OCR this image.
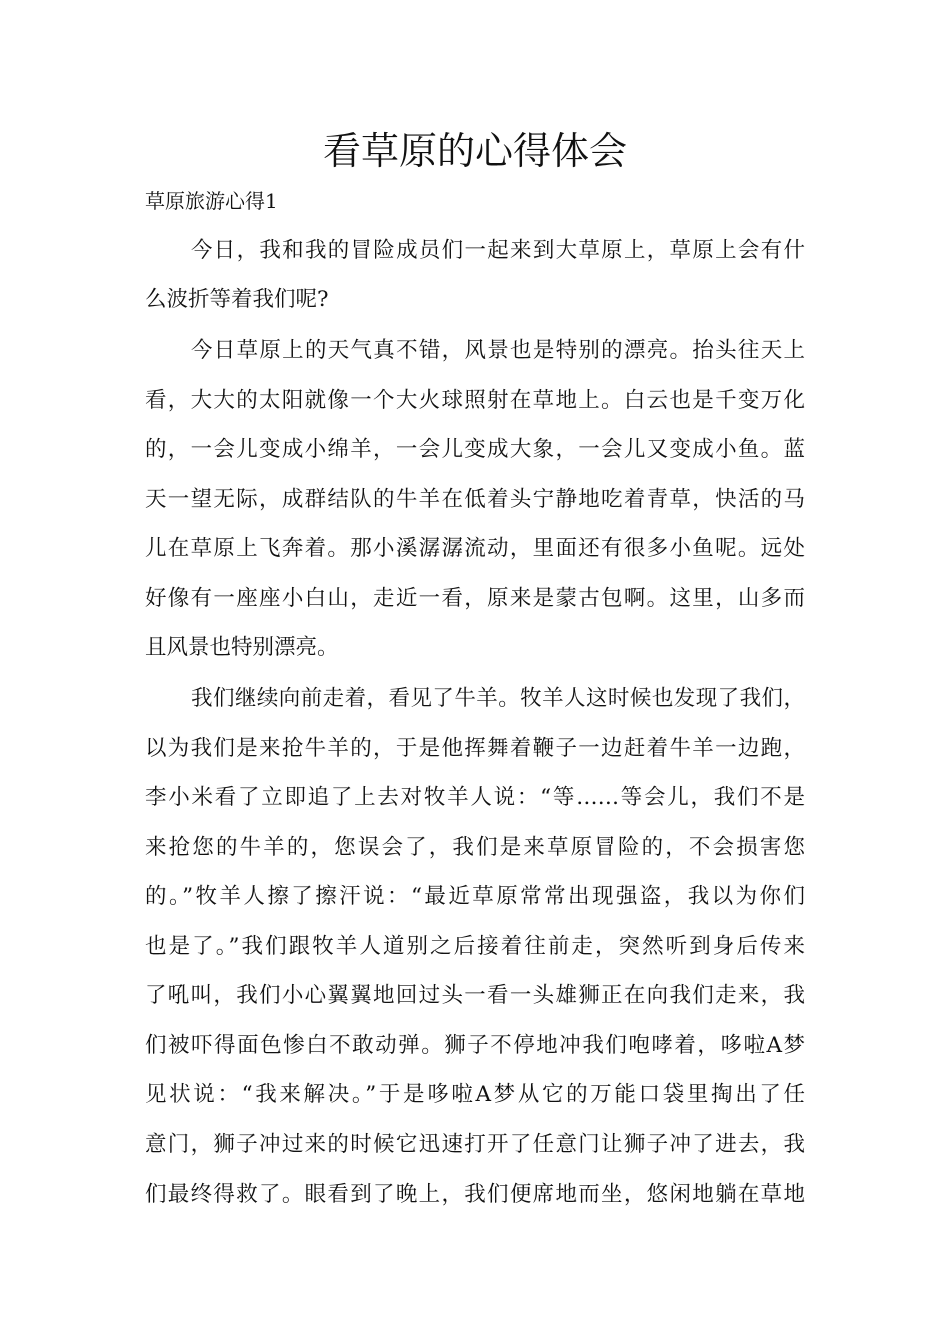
看草原的心得体会
草原旅游心得1
今日，我和我的冒险成员们一起来到大草原上，草原上会有什
么波折等着我们呢?
今日草原上的天气真不错，风景也是特别的漂亮。抬头往天上
看，大大的太阳就像一个大火球照射在草地上。白云也是千变万化
的，一会儿变成小绵羊，一会儿变成大象，一会儿又变成小鱼。蓝
天一望无际，成群结队的牛羊在低着头宁静地吃着青草，快活的马
儿在草原上飞奔着。那小溪潺潺流动，里面还有很多小鱼呢。远处
好像有一座座小白山，走近一看，原来是蒙古包啊。这里，山多而
且风景也特别漂亮。
我们继续向前走着，看见了牛羊。牧羊人这时候也发现了我们，
以为我们是来抢牛羊的，于是他挥舞着鞭子一边赶着牛羊一边跑，
李小米看了立即追了上去对牧羊人说：“等……等会儿，我们不是
来抢您的牛羊的，您误会了，我们是来草原冒险的，不会损害您
的。”牧羊人擦了擦汗说：“最近草原常常出现强盗，我以为你们
也是了。”我们跟牧羊人道别之后接着往前走，突然听到身后传来
了吼叫，我们小心翼翼地回过头一看一头雄狮正在向我们走来，我
们被吓得面色惨白不敢动弹。狮子不停地冲我们咆哮着，哆啦A梦
见状说：“我来解决。”于是哆啦A梦从它的万能口袋里掏出了任
意门，狮子冲过来的时候它迅速打开了任意门让狮子冲了进去，我
们最终得救了。眼看到了晚上，我们便席地而坐，悠闲地躺在草地
